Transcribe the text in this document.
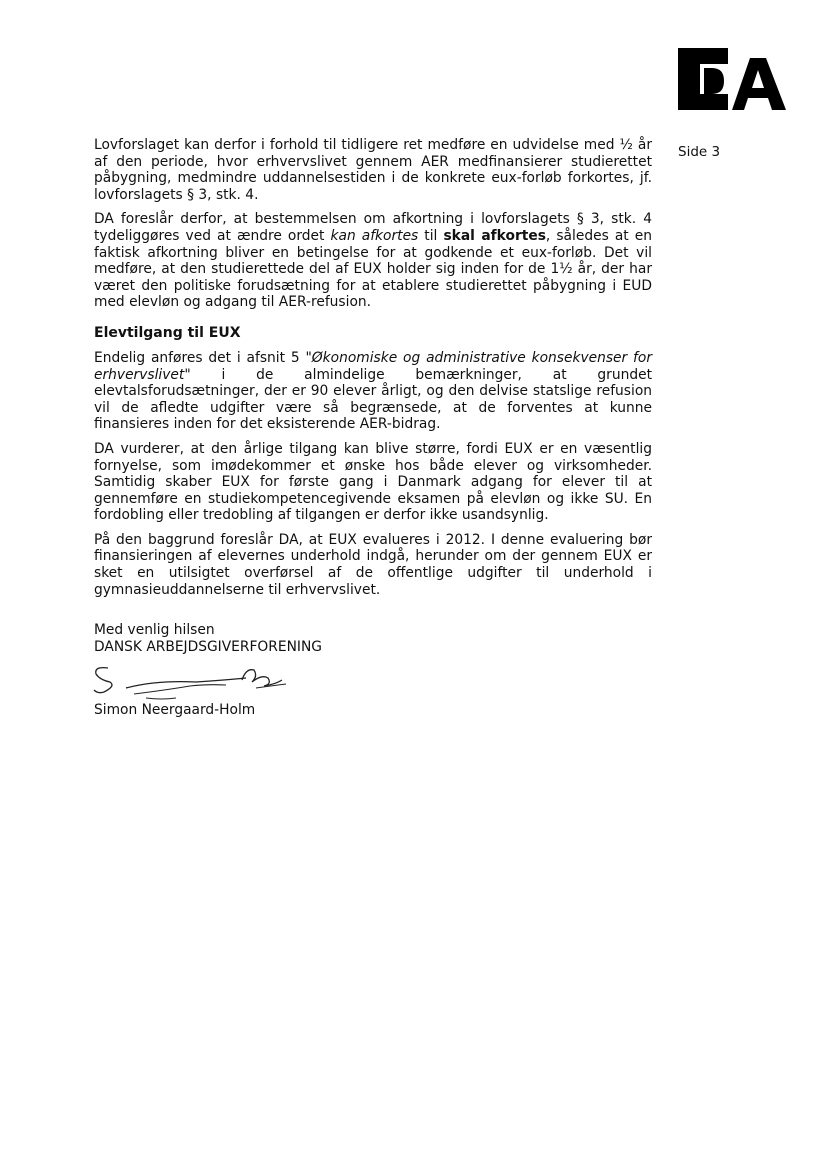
Side 3

Lovforslaget kan derfor i forhold til tidligere ret medføre en udvidelse med ½ år af den periode, hvor erhvervslivet gennem AER medfinansierer studierettet påbygning, medmindre uddannelsestiden i de konkrete eux-forløb forkortes, jf. lovforslagets § 3, stk. 4.

DA foreslår derfor, at bestemmelsen om afkortning i lovforslagets § 3, stk. 4 tydeliggøres ved at ændre ordet kan afkortes til skal afkortes, således at en faktisk afkortning bliver en betingelse for at godkende et eux-forløb. Det vil medføre, at den studierettede del af EUX holder sig inden for de 1½ år, der har været den politiske forudsætning for at etablere studierettet påbygning i EUD med elevløn og adgang til AER-refusion.

Elevtilgang til EUX

Endelig anføres det i afsnit 5 "Økonomiske og administrative konsekvenser for erhvervslivet" i de almindelige bemærkninger, at grundet elevtalsforudsætninger, der er 90 elever årligt, og den delvise statslige refusion vil de afledte udgifter være så begrænsede, at de forventes at kunne finansieres inden for det eksisterende AER-bidrag.

DA vurderer, at den årlige tilgang kan blive større, fordi EUX er en væsentlig fornyelse, som imødekommer et ønske hos både elever og virksomheder. Samtidig skaber EUX for første gang i Danmark adgang for elever til at gennemføre en studiekompetencegivende eksamen på elevløn og ikke SU. En fordobling eller tredobling af tilgangen er derfor ikke usandsynlig.

På den baggrund foreslår DA, at EUX evalueres i 2012. I denne evaluering bør finansieringen af elevernes underhold indgå, herunder om der gennem EUX er sket en utilsigtet overførsel af de offentlige udgifter til underhold i gymnasieuddannelserne til erhvervslivet.

Med venlig hilsen
DANSK ARBEJDSGIVERFORENING
Simon Neergaard-Holm
